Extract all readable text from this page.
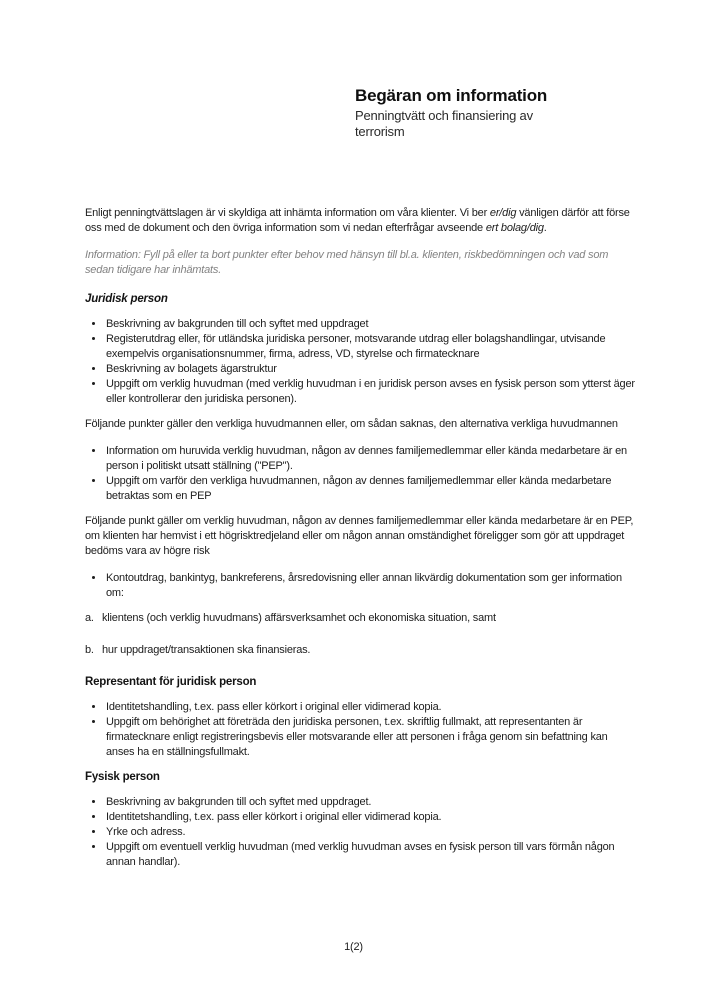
Begäran om information
Penningtvätt och finansiering av terrorism

Enligt penningtvättslagen är vi skyldiga att inhämta information om våra klienter. Vi ber er/dig vänligen därför att förse oss med de dokument och den övriga information som vi nedan efterfrågar avseende ert bolag/dig.

Information: Fyll på eller ta bort punkter efter behov med hänsyn till bl.a. klienten, riskbedömningen och vad som sedan tidigare har inhämtats.

Juridisk person
• Beskrivning av bakgrunden till och syftet med uppdraget
• Registerutdrag eller, för utländska juridiska personer, motsvarande utdrag eller bolagshandlingar, utvisande exempelvis organisationsnummer, firma, adress, VD, styrelse och firmatecknare
• Beskrivning av bolagets ägarstruktur
• Uppgift om verklig huvudman (med verklig huvudman i en juridisk person avses en fysisk person som ytterst äger eller kontrollerar den juridiska personen).

Följande punkter gäller den verkliga huvudmannen eller, om sådan saknas, den alternativa verkliga huvudmannen

• Information om huruvida verklig huvudman, någon av dennes familjemedlemmar eller kända medarbetare är en person i politiskt utsatt ställning ("PEP").
• Uppgift om varför den verkliga huvudmannen, någon av dennes familjemedlemmar eller kända medarbetare betraktas som en PEP

Följande punkt gäller om verklig huvudman, någon av dennes familjemedlemmar eller kända medarbetare är en PEP, om klienten har hemvist i ett högrisktredjeland eller om någon annan omständighet föreligger som gör att uppdraget bedöms vara av högre risk

• Kontoutdrag, bankintyg, bankreferens, årsredovisning eller annan likvärdig dokumentation som ger information om:
a. klientens (och verklig huvudmans) affärsverksamhet och ekonomiska situation, samt
b. hur uppdraget/transaktionen ska finansieras.
Representant för juridisk person
• Identitetshandling, t.ex. pass eller körkort i original eller vidimerad kopia.
• Uppgift om behörighet att företräda den juridiska personen, t.ex. skriftlig fullmakt, att representanten är firmatecknare enligt registreringsbevis eller motsvarande eller att personen i fråga genom sin befattning kan anses ha en ställningsfullmakt.
Fysisk person
• Beskrivning av bakgrunden till och syftet med uppdraget.
• Identitetshandling, t.ex. pass eller körkort i original eller vidimerad kopia.
• Yrke och adress.
• Uppgift om eventuell verklig huvudman (med verklig huvudman avses en fysisk person till vars förmån någon annan handlar).
1(2)
